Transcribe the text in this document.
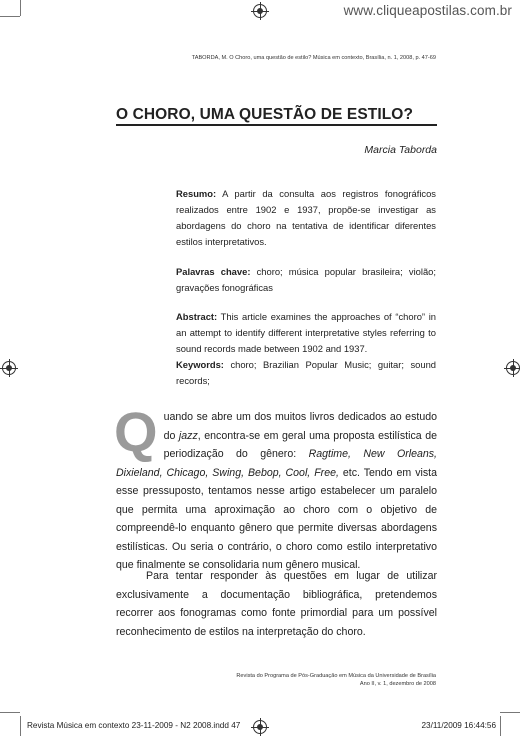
www.cliqueapostilas.com.br
TABORDA, M. O Choro, uma questão de estilo? Música em contexto, Brasília, n. 1, 2008, p. 47-69
O CHORO, UMA QUESTÃO DE ESTILO?
Marcia Taborda

Resumo: A partir da consulta aos registros fonográficos realizados entre 1902 e 1937, propõe-se investigar as abordagens do choro na tentativa de identificar diferentes estilos interpretativos.

Palavras chave: choro; música popular brasileira; violão; gravações fonográficas

Abstract: This article examines the approaches of “choro” in an attempt to identify different interpretative styles referring to sound records made between 1902 and 1937.

Keywords: choro; Brazilian Popular Music; guitar; sound records;

Quando se abre um dos muitos livros dedicados ao estudo do jazz, encontra-se em geral uma proposta estilística de periodização do gênero: Ragtime, New Orleans, Dixieland, Chicago, Swing, Bebop, Cool, Free, etc. Tendo em vista esse pressuposto, tentamos nesse artigo estabelecer um paralelo que permita uma aproximação ao choro com o objetivo de compreendê-lo enquanto gênero que permite diversas abordagens estilísticas. Ou seria o contrário, o choro como estilo interpretativo que finalmente se consolidaria num gênero musical.

Para tentar responder às questões em lugar de utilizar exclusivamente a documentação bibliográfica, pretendemos recorrer aos fonogramas como fonte primordial para um possível reconhecimento de estilos na interpretação do choro.

Revista do Programa de Pós-Graduação em Música da Universidade de Brasília
Ano II, v. 1, dezembro de 2008
Revista Música em contexto 23-11-2009 - N2 2008.indd 47	23/11/2009 16:44:56
